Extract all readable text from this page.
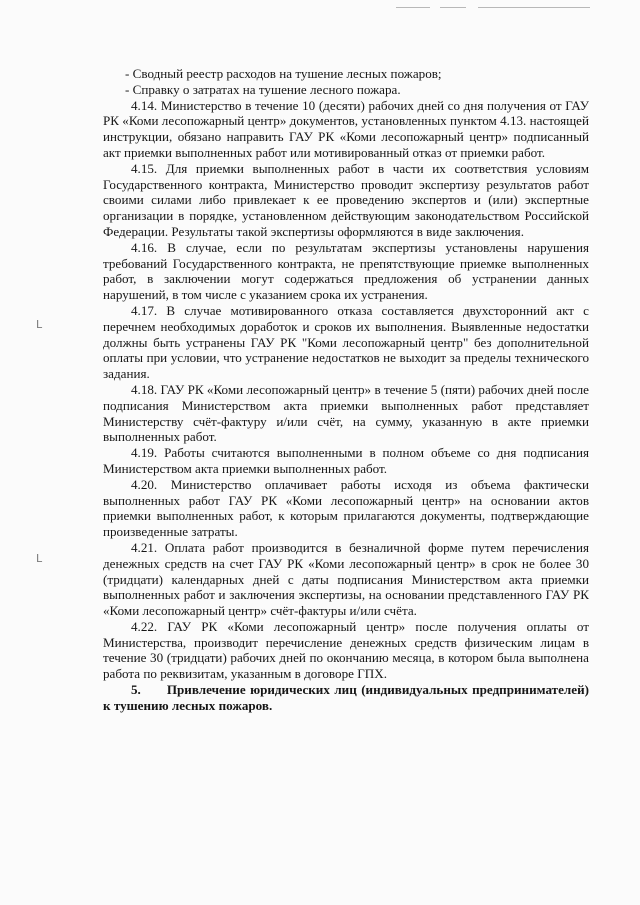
ᒪ
ᒪ

- Сводный реестр расходов на тушение лесных пожаров;

- Справку о затратах на тушение лесного пожара.

4.14. Министерство в течение 10 (десяти) рабочих дней со дня получения от ГАУ РК «Коми лесопожарный центр» документов, установленных пунктом 4.13. настоящей инструкции, обязано направить ГАУ РК «Коми лесопожарный центр» подписанный акт приемки выполненных работ или мотивированный отказ от приемки работ.

4.15. Для приемки выполненных работ в части их соответствия условиям Государственного контракта, Министерство проводит экспертизу результатов работ своими силами либо привлекает к ее проведению экспертов и (или) экспертные организации в порядке, установленном действующим законодательством Российской Федерации. Результаты такой экспертизы оформляются в виде заключения.

4.16. В случае, если по результатам экспертизы установлены нарушения требований Государственного контракта, не препятствующие приемке выполненных работ, в заключении могут содержаться предложения об устранении данных нарушений, в том числе с указанием срока их устранения.

4.17. В случае мотивированного отказа составляется двухсторонний акт с перечнем необходимых доработок и сроков их выполнения. Выявленные недостатки должны быть устранены ГАУ РК "Коми лесопожарный центр" без дополнительной оплаты при условии, что устранение недостатков не выходит за пределы технического задания.

4.18. ГАУ РК «Коми лесопожарный центр» в течение 5 (пяти) рабочих дней после подписания Министерством акта приемки выполненных работ представляет Министерству счёт-фактуру и/или счёт, на сумму, указанную в акте приемки выполненных работ.

4.19. Работы считаются выполненными в полном объеме со дня подписания Министерством акта приемки выполненных работ.

4.20. Министерство оплачивает работы исходя из объема фактически выполненных работ ГАУ РК «Коми лесопожарный центр» на основании актов приемки выполненных работ, к которым прилагаются документы, подтверждающие произведенные затраты.

4.21. Оплата работ производится в безналичной форме путем перечисления денежных средств на счет ГАУ РК «Коми лесопожарный центр» в срок не более 30 (тридцати) календарных дней с даты подписания Министерством акта приемки выполненных работ и заключения экспертизы, на основании представленного ГАУ РК «Коми лесопожарный центр» счёт-фактуры и/или счёта.

4.22. ГАУ РК «Коми лесопожарный центр» после получения оплаты от Министерства, производит перечисление денежных средств физическим лицам в течение 30 (тридцати) рабочих дней по окончанию месяца, в котором была выполнена работа по реквизитам, указанным в договоре ГПХ.

5. Привлечение юридических лиц (индивидуальных предпринимателей) к тушению лесных пожаров.
